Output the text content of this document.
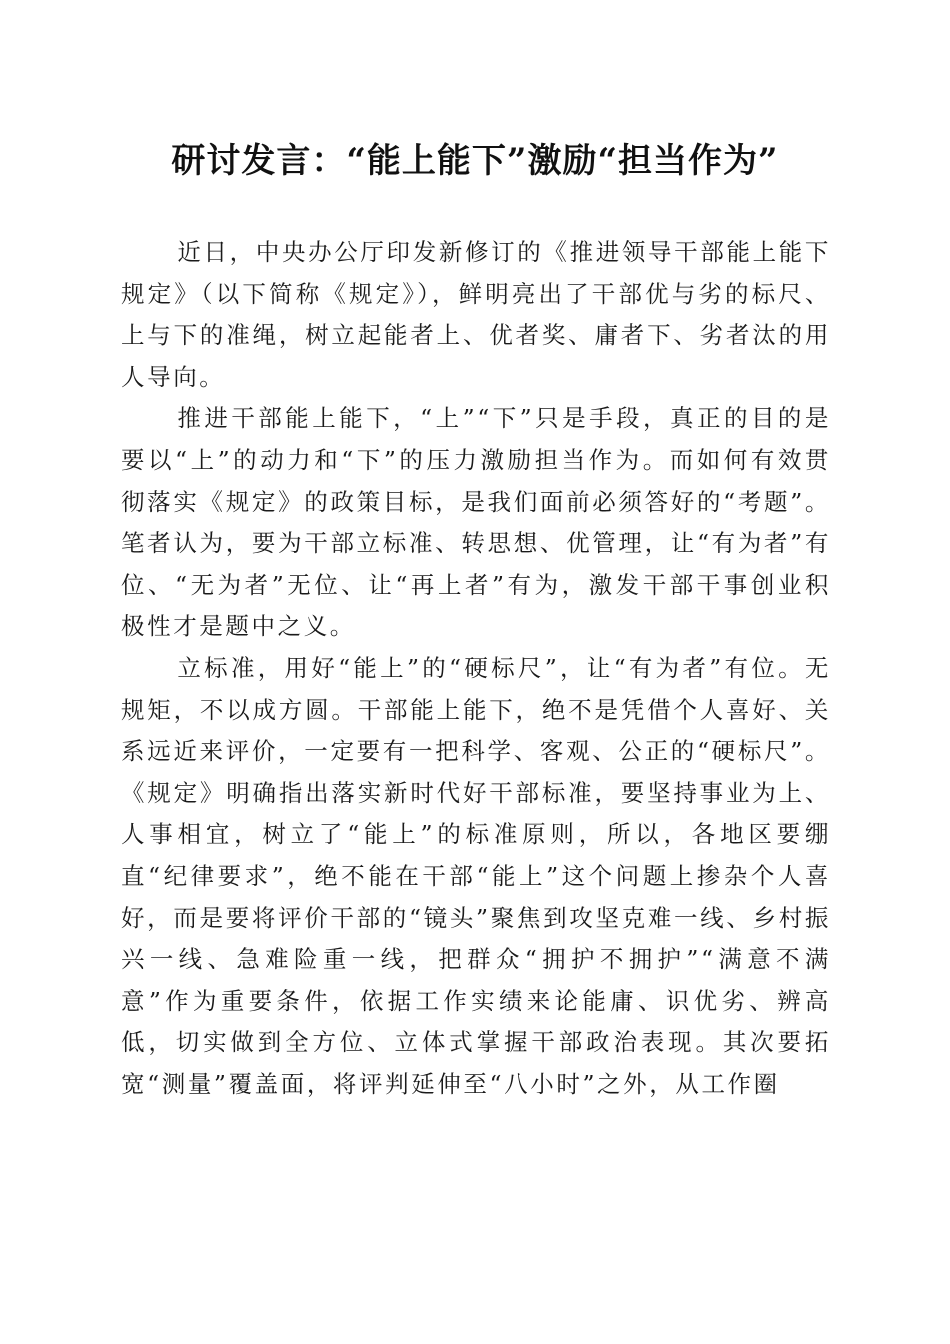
研讨发言：“能上能下”激励“担当作为”

近日，中央办公厅印发新修订的《推进领导干部能上能下规定》（以下简称《规定》），鲜明亮出了干部优与劣的标尺、上与下的准绳，树立起能者上、优者奖、庸者下、劣者汰的用人导向。

推进干部能上能下，“上”“下”只是手段，真正的目的是要以“上”的动力和“下”的压力激励担当作为。而如何有效贯彻落实《规定》的政策目标，是我们面前必须答好的“考题”。笔者认为，要为干部立标准、转思想、优管理，让“有为者”有位、“无为者”无位、让“再上者”有为，激发干部干事创业积极性才是题中之义。

立标准，用好“能上”的“硬标尺”，让“有为者”有位。无规矩，不以成方圆。干部能上能下，绝不是凭借个人喜好、关系远近来评价，一定要有一把科学、客观、公正的“硬标尺”。《规定》明确指出落实新时代好干部标准，要坚持事业为上、人事相宜，树立了“能上”的标准原则，所以，各地区要绷直“纪律要求”，绝不能在干部“能上”这个问题上掺杂个人喜好，而是要将评价干部的“镜头”聚焦到攻坚克难一线、乡村振兴一线、急难险重一线，把群众“拥护不拥护”“满意不满意”作为重要条件，依据工作实绩来论能庸、识优劣、辨高低，切实做到全方位、立体式掌握干部政治表现。其次要拓宽“测量”覆盖面，将评判延伸至“八小时”之外，从工作圈
